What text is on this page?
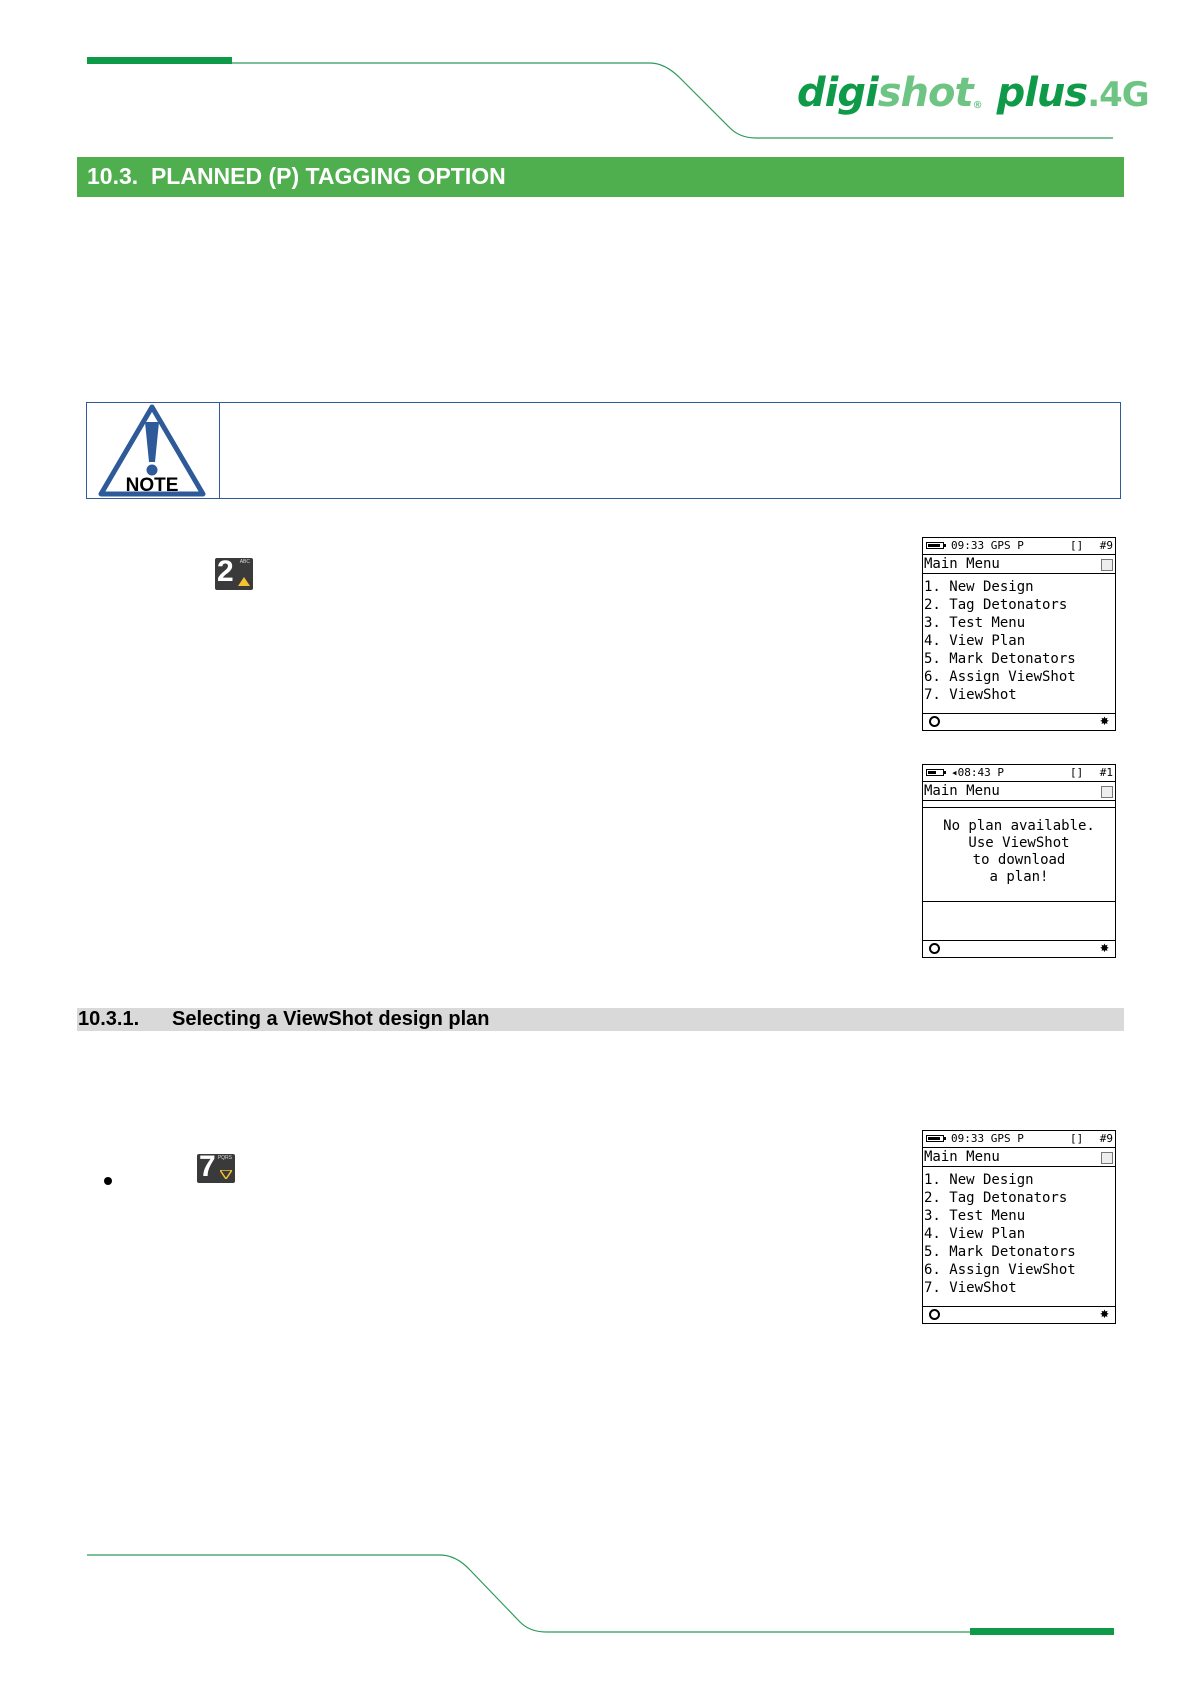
digishot® plus.4G
10.3. PLANNED (P) TAGGING OPTION
NOTE
2 ABC
09:33 GPS P	[] #9
Main Menu
1. New Design
2. Tag Detonators
3. Test Menu
4. View Plan
5. Mark Detonators
6. Assign ViewShot
7. ViewShot
✸
◂08:43 P	[] #1
Main Menu
No plan available.
Use ViewShot
to download
a plan!
✸
10.3.1. Selecting a ViewShot design plan
7 PQRS
09:33 GPS P	[] #9
Main Menu
1. New Design
2. Tag Detonators
3. Test Menu
4. View Plan
5. Mark Detonators
6. Assign ViewShot
7. ViewShot
✸
